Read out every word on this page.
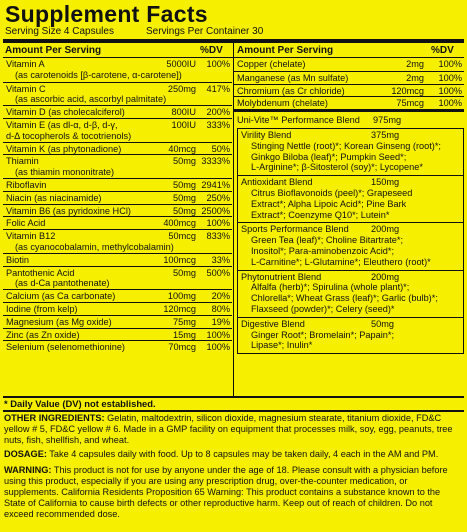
Supplement Facts
Serving Size 4 Capsules	Servings Per Container 30
Amount Per Serving	%DV Amount Per Serving	%DV
Vitamin A
(as carotenoids [β-carotene, α-carotene])
5000IU 100%
Vitamin C
(as ascorbic acid, ascorbyl palmitate)
250mg 417%
Vitamin D (as cholecalciferol)	800IU 200%
Vitamin E (as dl-α, d-β, d-γ,
d-Δ tocopherols & tocotrienols)
100IU 333%
Vitamin K (as phytonadione)	40mcg 50%
Thiamin
(as thiamin mononitrate)
50mg 3333%
Riboflavin	50mg 2941%
Niacin (as niacinamide)	50mg 250%
Vitamin B6 (as pyridoxine HCl)	50mg 2500%
Folic Acid	400mcg 100%
Vitamin B12
(as cyanocobalamin, methylcobalamin)
50mcg 833%
Biotin	100mcg 33%
Pantothenic Acid
(as d-Ca pantothenate)
50mg 500%
Calcium (as Ca carbonate)	100mg 20%
Iodine (from kelp)	120mcg 80%
Magnesium (as Mg oxide)	75mg 19%
Zinc (as Zn oxide)	15mg 100%
Selenium (selenomethionine)	70mcg 100%
Copper (chelate)	2mg 100%
Manganese (as Mn sulfate)	2mg 100%
Chromium (as Cr chloride)	120mcg 100%
Molybdenum (chelate)	75mcg 100%
Uni-Vite™ Performance Blend 975mg
Virility Blend	375mg
Stinging Nettle (root)*; Korean Ginseng (root)*;
Ginkgo Biloba (leaf)*; Pumpkin Seed*;
L-Arginine*; β-Sitosterol (soy)*; Lycopene*
Antioxidant Blend	150mg
Citrus Bioflavonoids (peel)*; Grapeseed
Extract*; Alpha Lipoic Acid*; Pine Bark
Extract*; Coenzyme Q10*; Lutein*
Sports Performance Blend 200mg
Green Tea (leaf)*; Choline Bitartrate*;
Inositol*; Para-aminobenzoic Acid*;
L-Carnitine*; L-Glutamine*; Eleuthero (root)*
Phytonutrient Blend	200mg
Alfalfa (herb)*; Spirulina (whole plant)*;
Chlorella*; Wheat Grass (leaf)*; Garlic (bulb)*;
Flaxseed (powder)*; Celery (seed)*
Digestive Blend	50mg
Ginger Root*; Bromelain*; Papain*;
Lipase*; Inulin*
* Daily Value (DV) not established.
OTHER INGREDIENTS: Gelatin, maltodextrin, silicon dioxide, magnesium stearate, titanium dioxide, FD&C yellow # 5, FD&C yellow # 6. Made in a GMP facility on equipment that processes milk, soy, egg, peanuts, tree nuts, fish, shellfish, and wheat.
DOSAGE: Take 4 capsules daily with food. Up to 8 capsules may be taken daily, 4 each in the AM and PM.
WARNING: This product is not for use by anyone under the age of 18. Please consult with a physician before using this product, especially if you are using any prescription drug, over-the-counter medication, or supplements. California Residents Proposition 65 Warning: This product contains a substance known to the State of California to cause birth defects or other reproductive harm. Keep out of reach of children. Do not exceed recommended dose.
